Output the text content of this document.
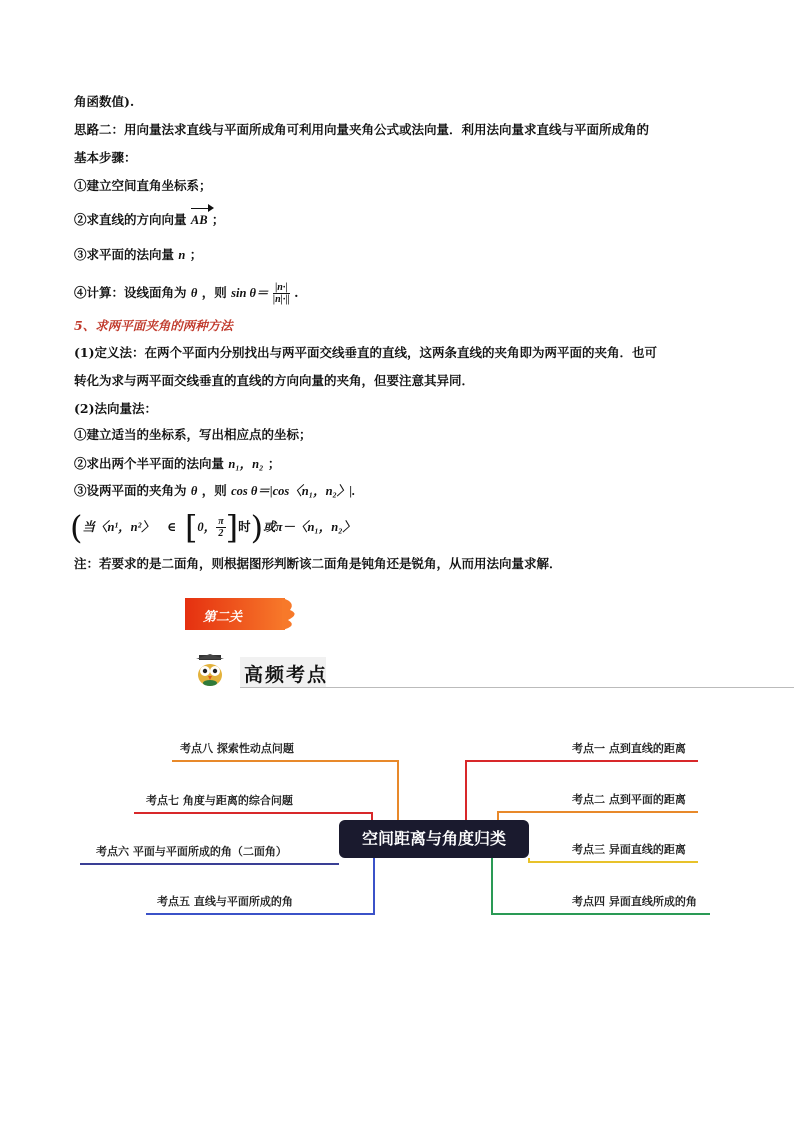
角函数值).
思路二：用向量法求直线与平面所成角可利用向量夹角公式或法向量．利用法向量求直线与平面所成角的
基本步骤：
①建立空间直角坐标系；
②求直线的方向向量 AB ；
③求平面的法向量 n ；
④计算：设线面角为 θ ，则 $\sin \theta= \frac{|n\cdot|}{|n|\cdot||}$ .
5、求两平面夹角的两种方法
(1)定义法：在两个平面内分别找出与两平面交线垂直的直线，这两条直线的夹角即为两平面的夹角．也可
转化为求与两平面交线垂直的直线的方向向量的夹角，但要注意其异同．
(2)法向量法：
①建立适当的坐标系，写出相应点的坐标；
②求出两个半平面的法向量 n₁，n₂ ；
③设两平面的夹角为 θ ，则 cos θ＝|cos〈n₁，n₂〉|.
(当〈n¹，n²〉 ∈ [0， $\frac{\pi}{2}$ ]时)或π－〈n₁，n₂〉
注：若要求的是二面角，则根据图形判断该二面角是钝角还是锐角，从而用法向量求解．
第二关
高频考点
空间距离与角度归类
考点八 探索性动点问题
考点七 角度与距离的综合问题
考点六 平面与平面所成的角（二面角）
考点五 直线与平面所成的角
考点一 点到直线的距离
考点二 点到平面的距离
考点三 异面直线的距离
考点四 异面直线所成的角
